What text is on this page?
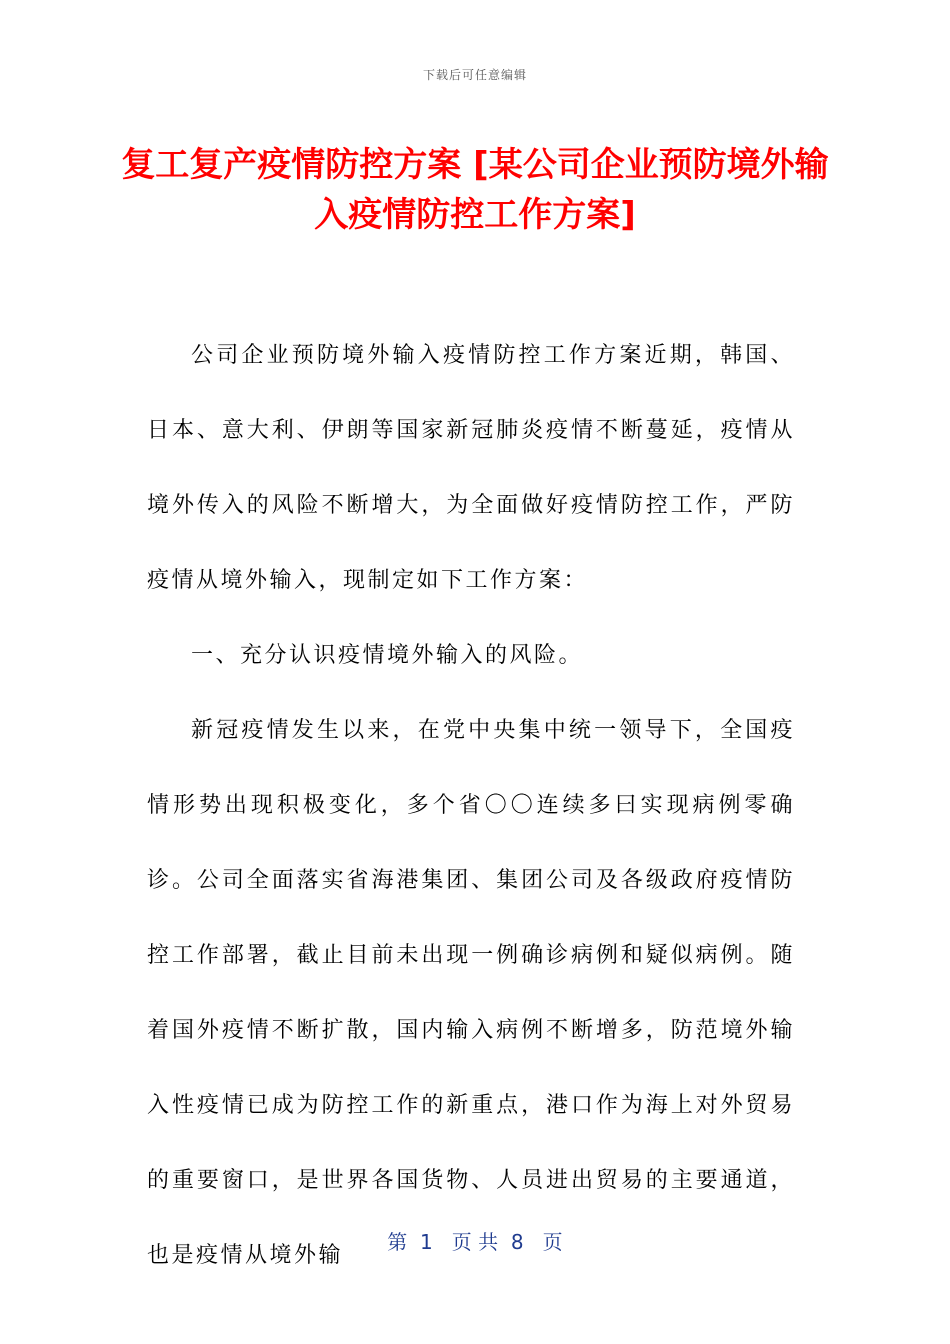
下载后可任意编辑
复工复产疫情防控方案 [某公司企业预防境外输入疫情防控工作方案]

公司企业预防境外输入疫情防控工作方案近期，韩国、日本、意大利、伊朗等国家新冠肺炎疫情不断蔓延，疫情从境外传入的风险不断增大，为全面做好疫情防控工作，严防疫情从境外输入，现制定如下工作方案：

一、充分认识疫情境外输入的风险。

新冠疫情发生以来，在党中央集中统一领导下，全国疫情形势出现积极变化，多个省〇〇连续多曰实现病例零确诊。公司全面落实省海港集团、集团公司及各级政府疫情防控工作部署，截止目前未出现一例确诊病例和疑似病例。随着国外疫情不断扩散，国内输入病例不断增多，防范境外输入性疫情已成为防控工作的新重点，港口作为海上对外贸易的重要窗口，是世界各国货物、人员进出贸易的主要通道，也是疫情从境外输

第  1   页 共  8   页
